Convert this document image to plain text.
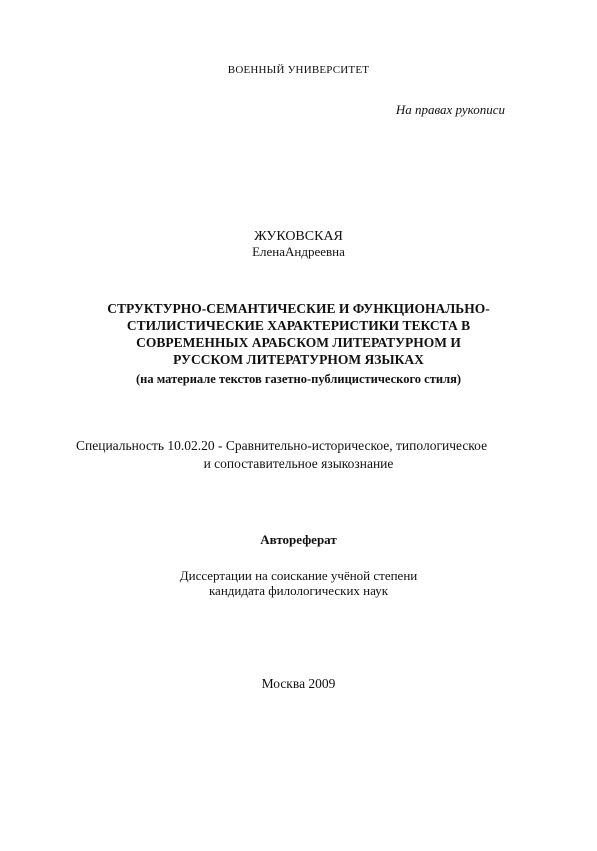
ВОЕННЫЙ УНИВЕРСИТЕТ
На правах рукописи
ЖУКОВСКАЯ
ЕленаАндреевна
СТРУКТУРНО-СЕМАНТИЧЕСКИЕ И ФУНКЦИОНАЛЬНО-
СТИЛИСТИЧЕСКИЕ ХАРАКТЕРИСТИКИ ТЕКСТА В
СОВРЕМЕННЫХ АРАБСКОМ ЛИТЕРАТУРНОМ И
РУССКОМ ЛИТЕРАТУРНОМ ЯЗЫКАХ
(на материале текстов газетно-публицистического стиля)
Специальность 10.02.20 - Сравнительно-историческое, типологическое
и сопоставительное языкознание
Автореферат
Диссертации на соискание учёной степени
кандидата филологических наук
Москва 2009
